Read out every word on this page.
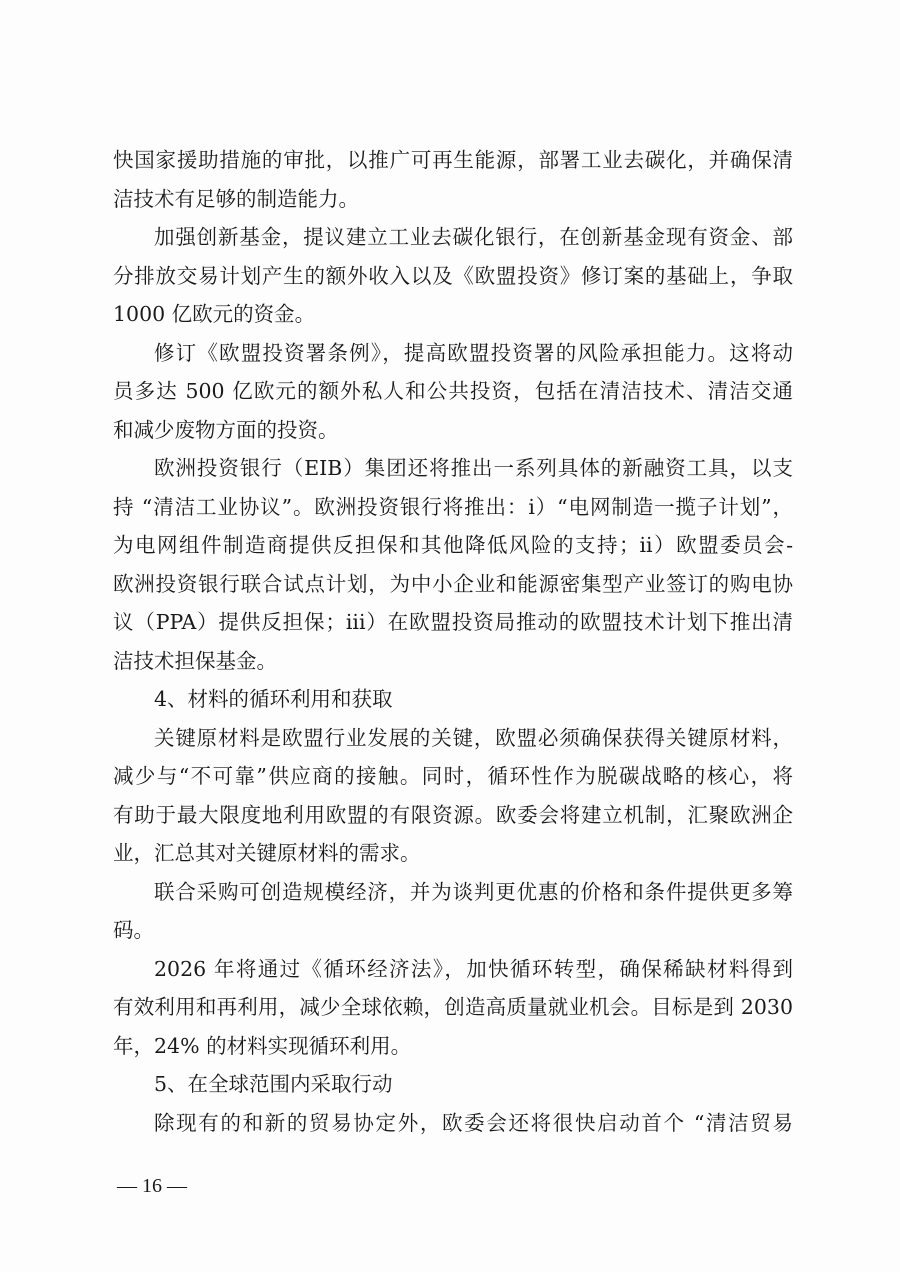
快国家援助措施的审批，以推广可再生能源，部署工业去碳化，并确保清
洁技术有足够的制造能力。
加强创新基金，提议建立工业去碳化银行，在创新基金现有资金、部
分排放交易计划产生的额外收入以及《欧盟投资》修订案的基础上，争取
1000 亿欧元的资金。
修订《欧盟投资署条例》，提高欧盟投资署的风险承担能力。这将动
员多达 500 亿欧元的额外私人和公共投资，包括在清洁技术、清洁交通
和减少废物方面的投资。
欧洲投资银行（EIB）集团还将推出一系列具体的新融资工具，以支
持 “清洁工业协议”。欧洲投资银行将推出：i）“电网制造一揽子计划”，
为电网组件制造商提供反担保和其他降低风险的支持；ii）欧盟委员会-
欧洲投资银行联合试点计划，为中小企业和能源密集型产业签订的购电协
议（PPA）提供反担保；iii）在欧盟投资局推动的欧盟技术计划下推出清
洁技术担保基金。
4、材料的循环利用和获取
关键原材料是欧盟行业发展的关键，欧盟必须确保获得关键原材料，
减少与“不可靠”供应商的接触。同时，循环性作为脱碳战略的核心，将
有助于最大限度地利用欧盟的有限资源。欧委会将建立机制，汇聚欧洲企
业，汇总其对关键原材料的需求。
联合采购可创造规模经济，并为谈判更优惠的价格和条件提供更多筹
码。
2026 年将通过《循环经济法》，加快循环转型，确保稀缺材料得到
有效利用和再利用，减少全球依赖，创造高质量就业机会。目标是到 2030
年，24% 的材料实现循环利用。
5、在全球范围内采取行动
除现有的和新的贸易协定外，欧委会还将很快启动首个 “清洁贸易
— 16 —
